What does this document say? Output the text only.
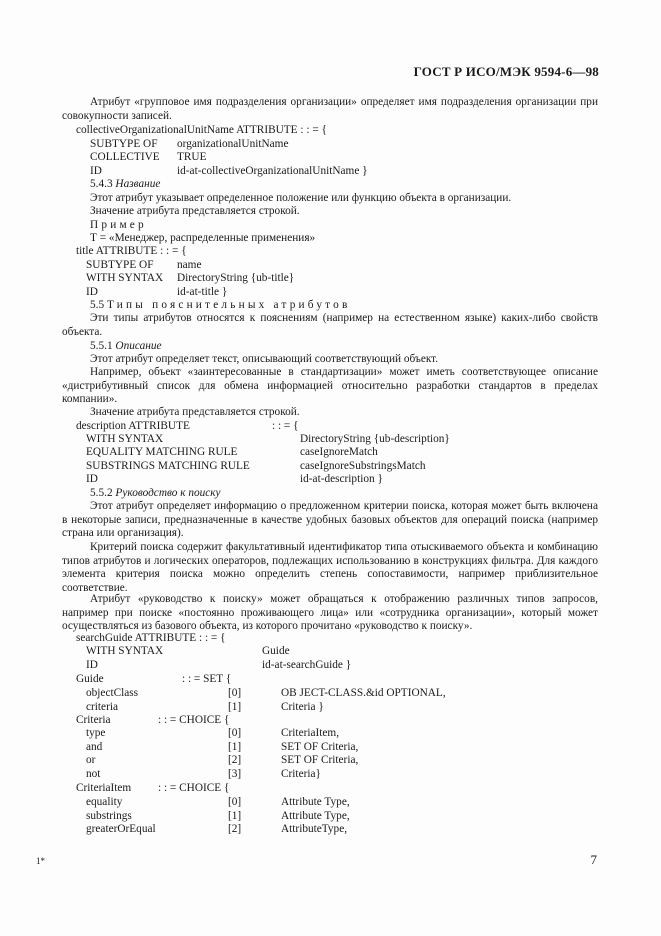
ГОСТ Р ИСО/МЭК 9594-6—98

Атрибут «групповое имя подразделения организации» определяет имя подразделения организации при совокупности записей.

collectiveOrganizationalUnitName ATTRIBUTE : : = {
SUBTYPE OF organizationalUnitName
COLLECTIVE TRUE
ID	id-at-collectiveOrganizationalUnitName }
5.4.3 Название
Этот атрибут указывает определенное положение или функцию объекта в организации.
Значение атрибута представляется строкой.
Пример
Т = «Менеджер, распределенные применения»
title ATTRIBUTE : : = {
SUBTYPE OF name
WITH SYNTAX DirectoryString {ub-title}
ID	id-at-title }
5.5 Типы пояснительных атрибутов

Эти типы атрибутов относятся к пояснениям (например на естественном языке) каких-либо свойств объекта.

5.5.1 Описание
Этот атрибут определяет текст, описывающий соответствующий объект.

Например, объект «заинтересованные в стандартизации» может иметь соответствующее описание «дистрибутивный список для обмена информацией относительно разработки стандартов в пределах компании».

Значение атрибута представляется строкой.
description ATTRIBUTE	: : = {
WITH SYNTAX	DirectoryString {ub-description}
EQUALITY MATCHING RULE	caseIgnoreMatch
SUBSTRINGS MATCHING RULE	caseIgnoreSubstringsMatch
ID	id-at-description }
5.5.2 Руководство к поиску

Этот атрибут определяет информацию о предложенном критерии поиска, которая может быть включена в некоторые записи, предназначенные в качестве удобных базовых объектов для операций поиска (например страна или организация).

Критерий поиска содержит факультативный идентификатор типа отыскиваемого объекта и комбинацию типов атрибутов и логических операторов, подлежащих использованию в конструкциях фильтра. Для каждого элемента критерия поиска можно определить степень сопоставимости, например приблизительное соответствие.

Атрибут «руководство к поиску» может обращаться к отображению различных типов запросов, например при поиске «постоянно проживающего лица» или «сотрудника организации», который может осуществляться из базового объекта, из которого прочитано «руководство к поиску».

searchGuide ATTRIBUTE : : = {
WITH SYNTAX	Guide
ID	id-at-searchGuide }
Guide	: : = SET {
objectClass	[0]	OB JECT-CLASS.&id OPTIONAL,
criteria	[1]	Criteria }
Criteria	: : = CHOICE {
type	[0]	CriteriaItem,
and	[1]	SET OF Criteria,
or	[2]	SET OF Criteria,
not	[3]	Criteria}
CriteriaItem : : = CHOICE {
equality	[0]	Attribute Type,
substrings	[1]	Attribute Type,
greaterOrEqual	[2]	AttributeType,
1*	7
